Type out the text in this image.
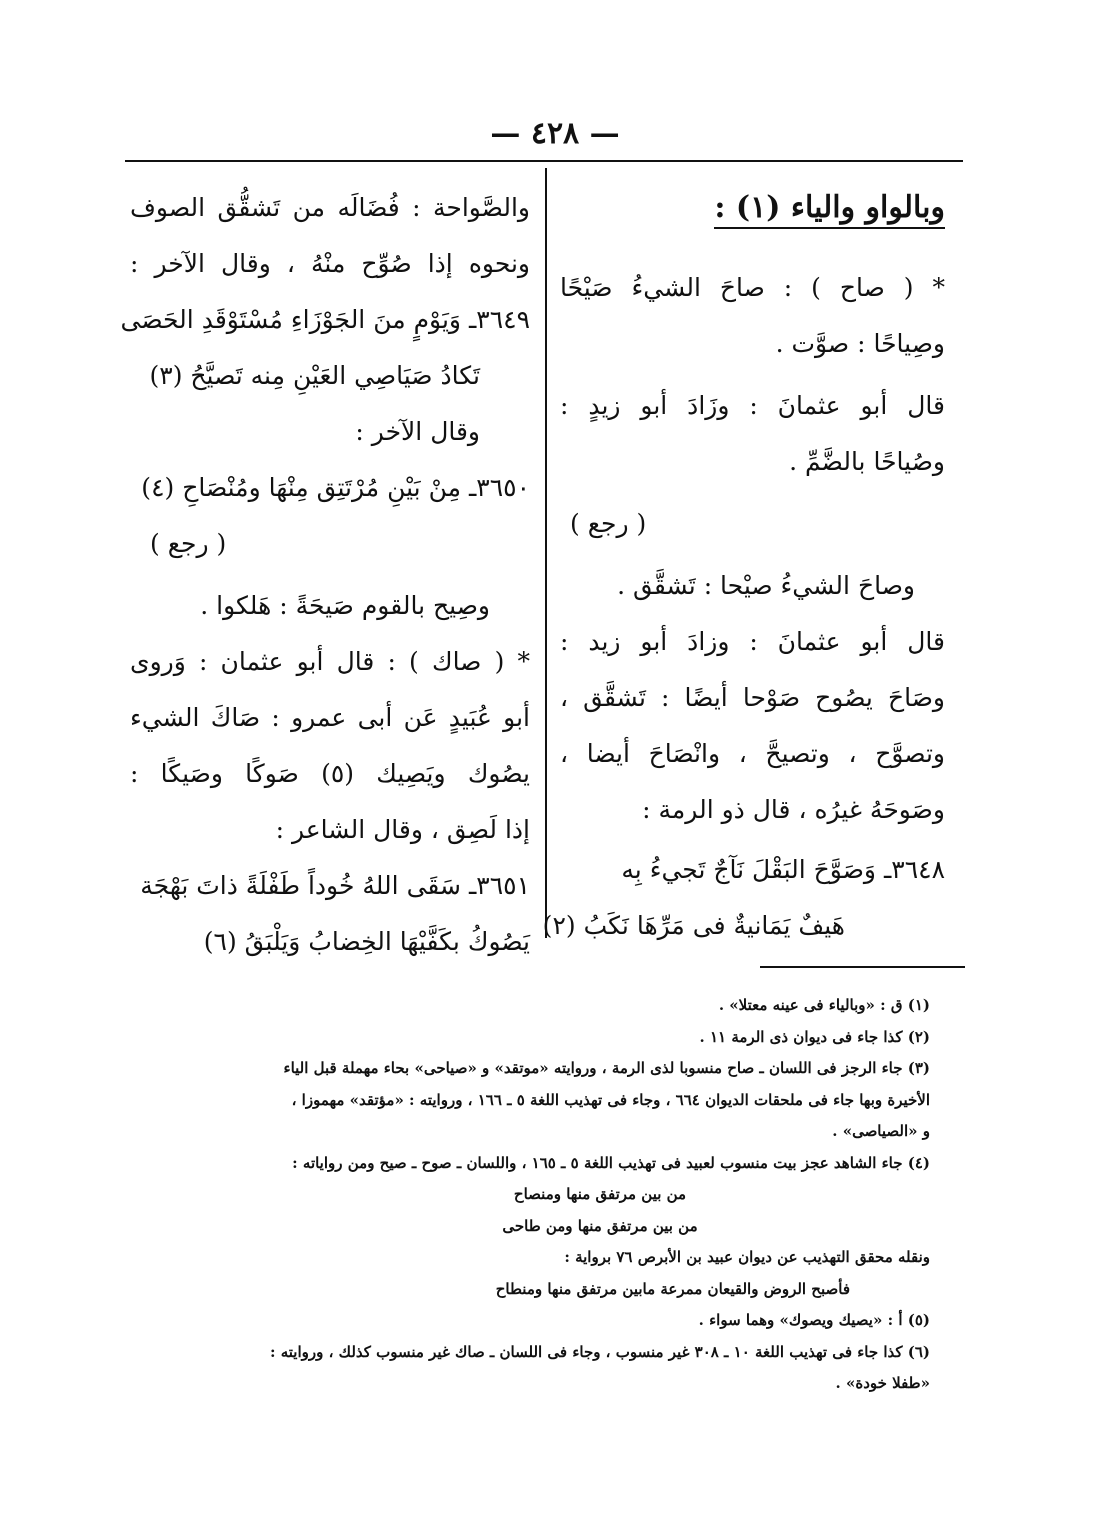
— ٤٢٨ —
وبالواو والياء (١) :
* ( صاح ) : صاحَ الشيءُ صَيْحًا
وصِياحًا : صوَّت .
قال أبو عثمانَ : وزَادَ أبو زيدٍ :
وصُياحًا بالضَّمِّ .
( رجع )
وصاحَ الشيءُ صيْحا : تَشقَّق .
قال أبو عثمانَ : وزادَ أبو زيد :
وصَاحَ يصُوح صَوْحا أيضًا : تَشقَّق ،
وتصوَّح ، وتصيحَّ ، وانْصَاحَ أيضا ،
وصَوحَهُ غيرُه ، قال ذو الرمة :
٣٦٤٨ـ وَصَوَّحَ البَقْلَ نَآجٌ تَجيءُ بِه
هَيفٌ يَمَانيةٌ فى مَرِّهَا نَكَبُ (٢)
والصَّواحة : فُضَالَه من تَشقُّق الصوف
ونحوه إذا صُوِّح منْهُ ، وقال الآخر :
٣٦٤٩ـ وَيَوْمٍ منَ الجَوْزَاءِ مُسْتَوْقَدِ الحَصَى
تَكادُ صَيَاصِي العَيْنِ مِنه تَصيَّحُ (٣)
وقال الآخر :
٣٦٥٠ـ مِنْ بَيْنِ مُرْتَتِق مِنْهَا ومُنْصَاحِ (٤)
( رجع )
وصِيح بالقوم صَيحَةً : هَلكوا .
* ( صاك ) : قال أبو عثمان : وَروى
أبو عُبَيدٍ عَن أبى عمرو : صَاكَ الشيء
يصُوك ويَصِيك (٥) صَوكًا وصَيكًا :
إذا لَصِق ، وقال الشاعر :
٣٦٥١ـ سَقَى اللهُ خُوداً طَفْلَةً ذاتَ بَهْجَة
يَصُوكُ بكَفَّيْهَا الخِضابُ وَيَلْبَقُ (٦)
(١) ق : «وبالياء فى عينه معتلا» .
(٢) كذا جاء فى ديوان ذى الرمة ١١ .
(٣) جاء الرجز فى اللسان ـ صاح منسوبا لذى الرمة ، وروايته «موتقد» و «صياحى» بحاء مهملة قبل الياء
الأخيرة وبها جاء فى ملحقات الديوان ٦٦٤ ، وجاء فى تهذيب اللغة ٥ ـ ١٦٦ ، وروايته : «مؤتقد» مهموزا ،
و «الصياصى» .
(٤) جاء الشاهد عجز بيت منسوب لعبيد فى تهذيب اللغة ٥ ـ ١٦٥ ، واللسان ـ صوح ـ صيح ومن رواياته :
من بين مرتفق منها ومنصاح
من بين مرتفق منها ومن طاحى
ونقله محقق التهذيب عن ديوان عبيد بن الأبرص ٧٦ برواية :
فأصبح الروض والقيعان ممرعة مابين مرتفق منها ومنطاح
(٥) أ : «يصيك ويصوك» وهما سواء .
(٦) كذا جاء فى تهذيب اللغة ١٠ ـ ٣٠٨ غير منسوب ، وجاء فى اللسان ـ صاك غير منسوب كذلك ، وروايته :
«طفلا خودة» .
